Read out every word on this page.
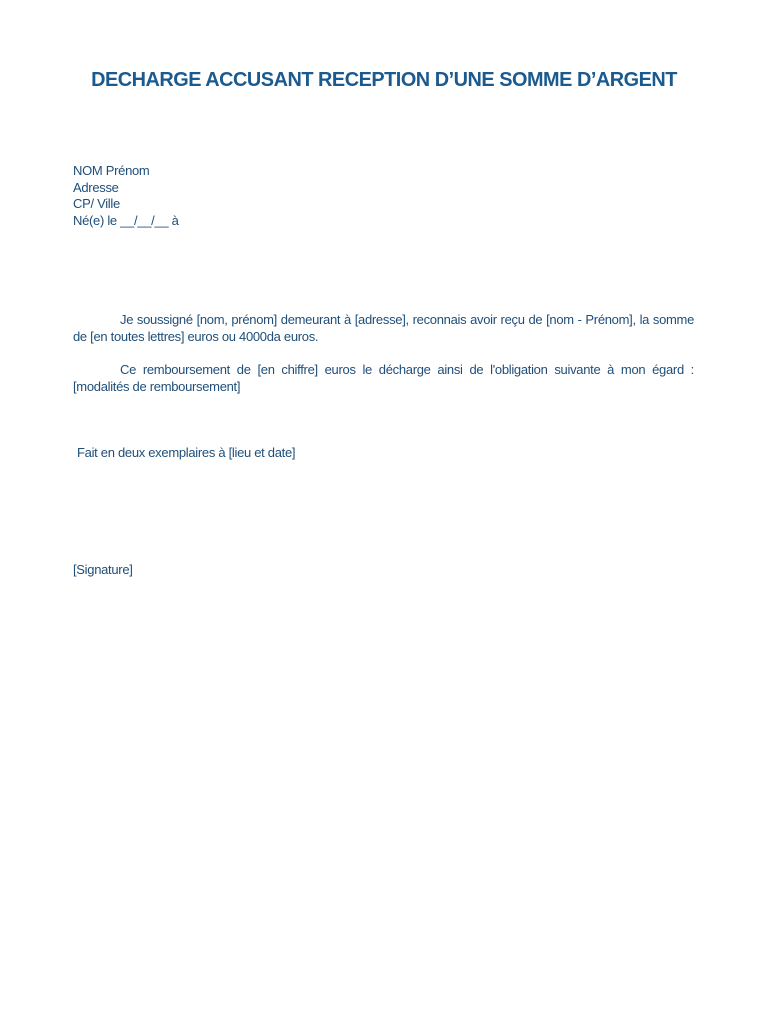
DECHARGE ACCUSANT RECEPTION D’UNE SOMME D’ARGENT
NOM Prénom
Adresse
CP/ Ville
Né(e) le __/__/__ à
Je soussigné [nom, prénom] demeurant à [adresse], reconnais avoir reçu de [nom - Prénom], la somme de [en toutes lettres] euros ou 4000da euros.
Ce remboursement de [en chiffre] euros le décharge ainsi de l'obligation suivante à mon égard : [modalités de remboursement]
Fait en deux exemplaires à [lieu et date]
[Signature]
